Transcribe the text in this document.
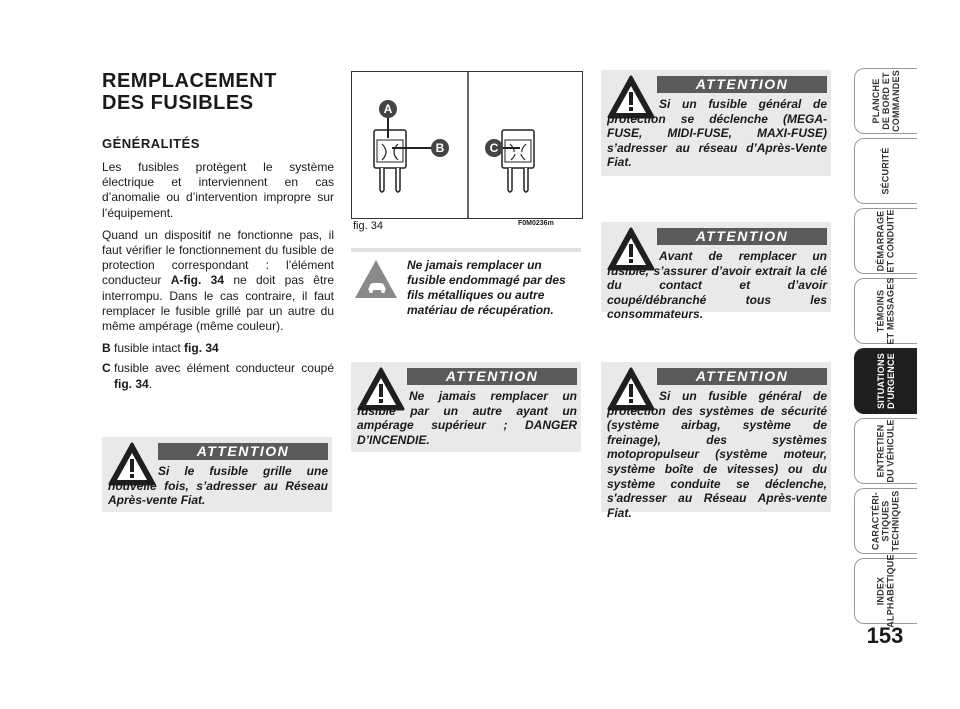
REMPLACEMENT
DES FUSIBLES
GÉNÉRALITÉS

Les fusibles protègent le système électrique et interviennent en cas d’anomalie ou d’intervention impropre sur l’équipement.

Quand un dispositif ne fonctionne pas, il faut vérifier le fonctionnement du fusible de protection correspondant : l’élément conducteur A-fig. 34 ne doit pas être interrompu. Dans le cas contraire, il faut remplacer le fusible grillé par un autre du même ampérage (même couleur).

B fusible intact fig. 34
C fusible avec élément conducteur coupé fig. 34.
ATTENTION

Si le fusible grille une nouvelle fois, s’adresser au Réseau Après-vente Fiat.

A
B	C

fig. 34	F0M0236m

Ne jamais remplacer un fusible endommagé par des fils métalliques ou autre matériau de récupération.

ATTENTION

Ne jamais remplacer un fusible par un autre ayant un ampérage supérieur ; DANGER D’INCENDIE.

ATTENTION

Si un fusible général de protection se déclenche (MEGA-FUSE, MIDI-FUSE, MAXI-FUSE) s’adresser au réseau d’Après-Vente Fiat.

ATTENTION

Avant de remplacer un fusible, s’assurer d’avoir extrait la clé du contact et d’avoir coupé/débranché tous les consommateurs.

ATTENTION

Si un fusible général de protection des systèmes de sécurité (système airbag, système de freinage), des systèmes motopropulseur (système moteur, système boîte de vitesses) ou du système conduite se déclenche, s'adresser au Réseau Après-vente Fiat.

PLANCHE
DE BORD ET
COMMANDES
SÉCURITÉ
DÉMARRAGE
ET CONDUITE
TÉMOINS
ET MESSAGES
SITUATIONS
D’URGENCE
ENTRETIEN
DU VÉHICULE
CARACTÉRI-
STIQUES
TECHNIQUES
INDEX
ALPHABÉTIQUE

153
